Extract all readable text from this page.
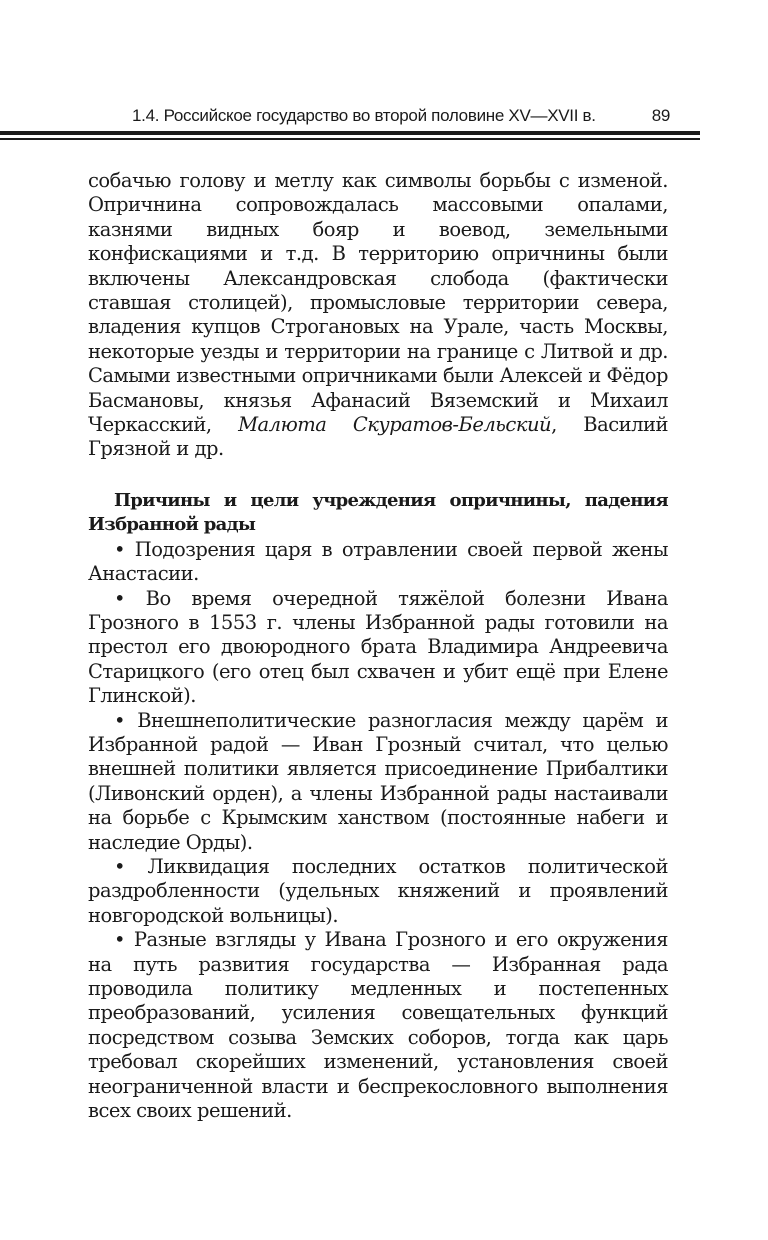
1.4. Российское государство во второй половине XV—XVII в.	89

собачью голову и метлу как символы борьбы с изменой. Опричнина сопровождалась массовыми опалами, казнями видных бояр и воевод, земельными конфискациями и т.д. В территорию опричнины были включены Александровская слобода (фактически ставшая столицей), промысловые территории севера, владения купцов Строгановых на Урале, часть Москвы, некоторые уезды и территории на границе с Литвой и др. Самыми известными опричниками были Алексей и Фёдор Басмановы, князья Афанасий Вяземский и Михаил Черкасский, Малюта Скуратов-Бельский, Василий Грязной и др.

Причины и цели учреждения опричнины, падения Избранной рады

• Подозрения царя в отравлении своей первой жены Анастасии.

• Во время очередной тяжёлой болезни Ивана Грозного в 1553 г. члены Избранной рады готовили на престол его двоюродного брата Владимира Андреевича Старицкого (его отец был схвачен и убит ещё при Елене Глинской).

• Внешнеполитические разногласия между царём и Избранной радой — Иван Грозный считал, что целью внешней политики является присоединение Прибалтики (Ливонский орден), а члены Избранной рады настаивали на борьбе с Крымским ханством (постоянные набеги и наследие Орды).

• Ликвидация последних остатков политической раздробленности (удельных княжений и проявлений новгородской вольницы).

• Разные взгляды у Ивана Грозного и его окружения на путь развития государства — Избранная рада проводила политику медленных и постепенных преобразований, усиления совещательных функций посредством созыва Земских соборов, тогда как царь требовал скорейших изменений, установления своей неограниченной власти и беспрекословного выполнения всех своих решений.
